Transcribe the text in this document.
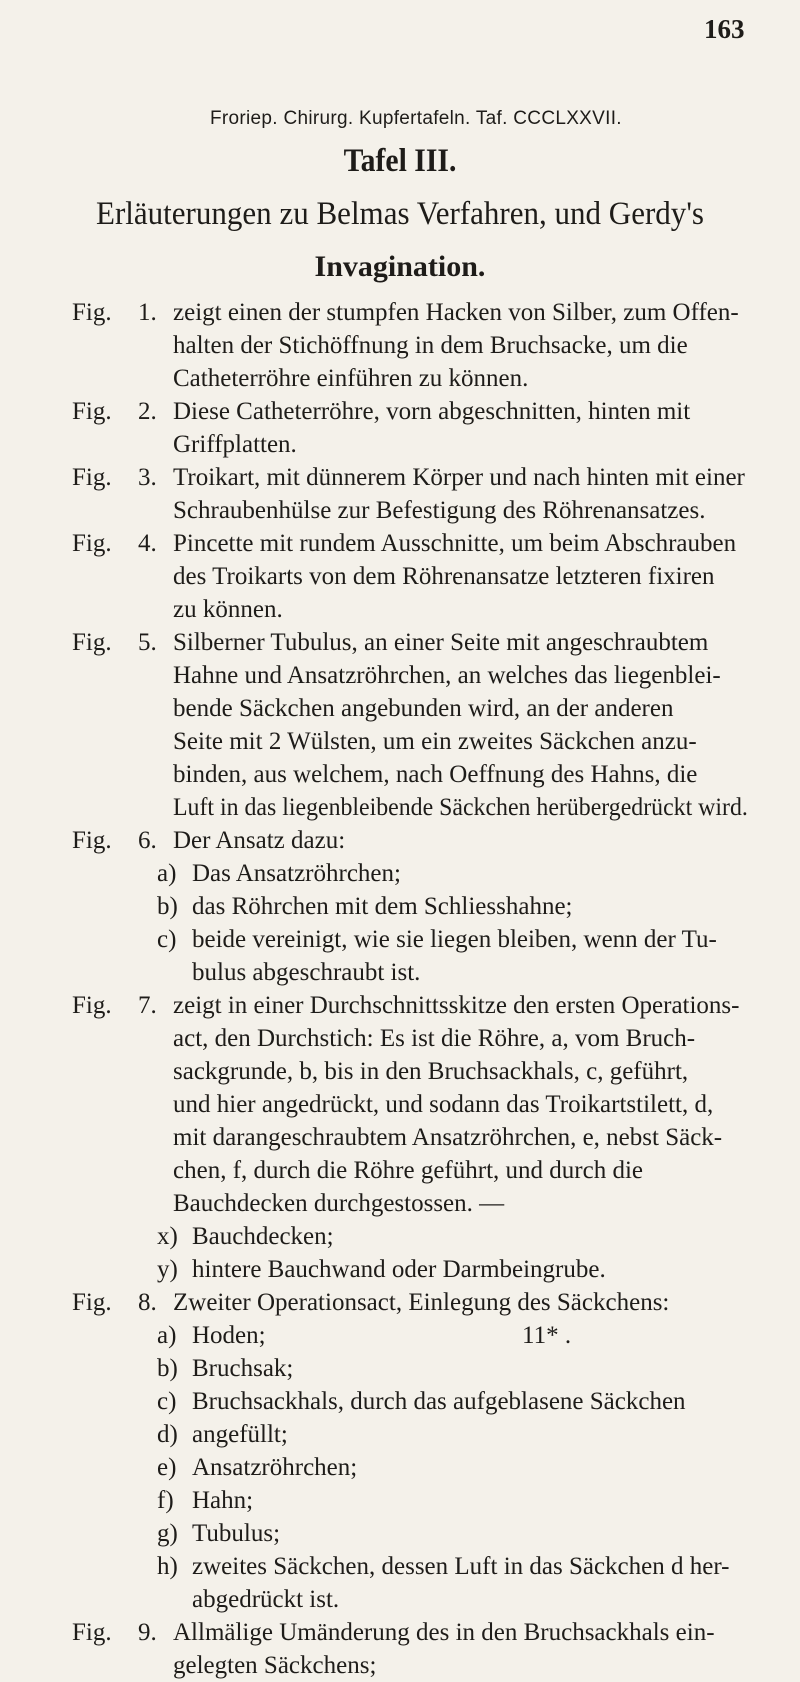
163
Froriep. Chirurg. Kupfertafeln. Taf. CCCLXXVII.
Tafel III.
Erläuterungen zu Belmas Verfahren, und Gerdy's
Invagination.
Fig. 1. zeigt einen der stumpfen Hacken von Silber, zum Offen-
halten der Stichöffnung in dem Bruchsacke, um die
Catheterröhre einführen zu können.
Fig. 2. Diese Catheterröhre, vorn abgeschnitten, hinten mit
Griffplatten.
Fig. 3. Troikart, mit dünnerem Körper und nach hinten mit einer
Schraubenhülse zur Befestigung des Röhrenansatzes.
Fig. 4. Pincette mit rundem Ausschnitte, um beim Abschrauben
des Troikarts von dem Röhrenansatze letzteren fixiren
zu können.
Fig. 5. Silberner Tubulus, an einer Seite mit angeschraubtem
Hahne und Ansatzröhrchen, an welches das liegenblei-
bende Säckchen angebunden wird, an der anderen
Seite mit 2 Wülsten, um ein zweites Säckchen anzu-
binden, aus welchem, nach Oeffnung des Hahns, die
Luft in das liegenbleibende Säckchen herübergedrückt wird.
Fig. 6. Der Ansatz dazu:
a) Das Ansatzröhrchen;
b) das Röhrchen mit dem Schliesshahne;
c) beide vereinigt, wie sie liegen bleiben, wenn der Tu-
bulus abgeschraubt ist.
Fig. 7. zeigt in einer Durchschnittsskitze den ersten Operations-
act, den Durchstich: Es ist die Röhre, a, vom Bruch-
sackgrunde, b, bis in den Bruchsackhals, c, geführt,
und hier angedrückt, und sodann das Troikartstilett, d,
mit darangeschraubtem Ansatzröhrchen, e, nebst Säck-
chen, f, durch die Röhre geführt, und durch die
Bauchdecken durchgestossen. —
x) Bauchdecken;
y) hintere Bauchwand oder Darmbeingrube.
Fig. 8. Zweiter Operationsact, Einlegung des Säckchens:
a) Hoden;
b) Bruchsak;
c) Bruchsackhals, durch das aufgeblasene Säckchen
d) angefüllt;
e) Ansatzröhrchen;
f) Hahn;
g) Tubulus;
h) zweites Säckchen, dessen Luft in das Säckchen d her-
abgedrückt ist.
Fig. 9. Allmälige Umänderung des in den Bruchsackhals ein-
gelegten Säckchens;
11* .
